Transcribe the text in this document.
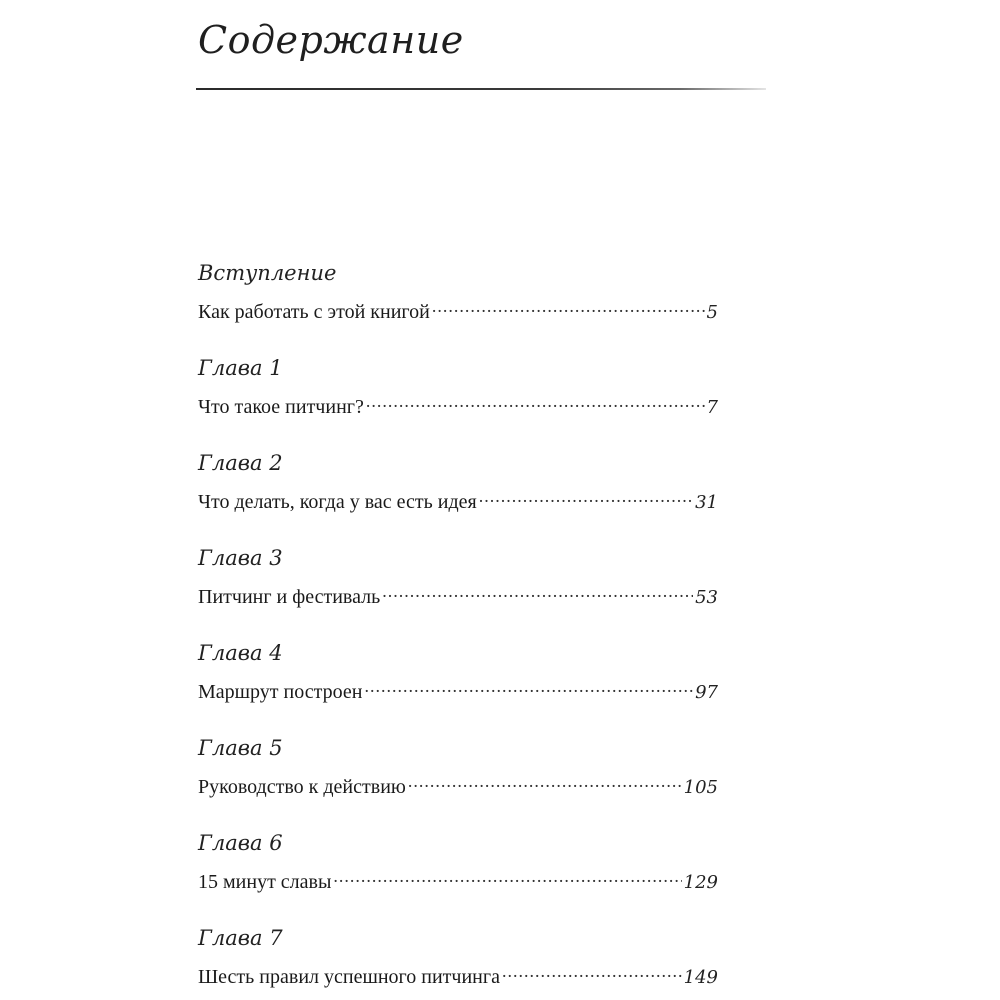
Содержание
Вступление
Как работать с этой книгой .....	5
Глава 1
Что такое питчинг? .....	7
Глава 2
Что делать, когда у вас есть идея .....	31
Глава 3
Питчинг и фестиваль .....	53
Глава 4
Маршрут построен .....	97
Глава 5
Руководство к действию .....	105
Глава 6
15 минут славы .....	129
Глава 7
Шесть правил успешного питчинга .....	149
